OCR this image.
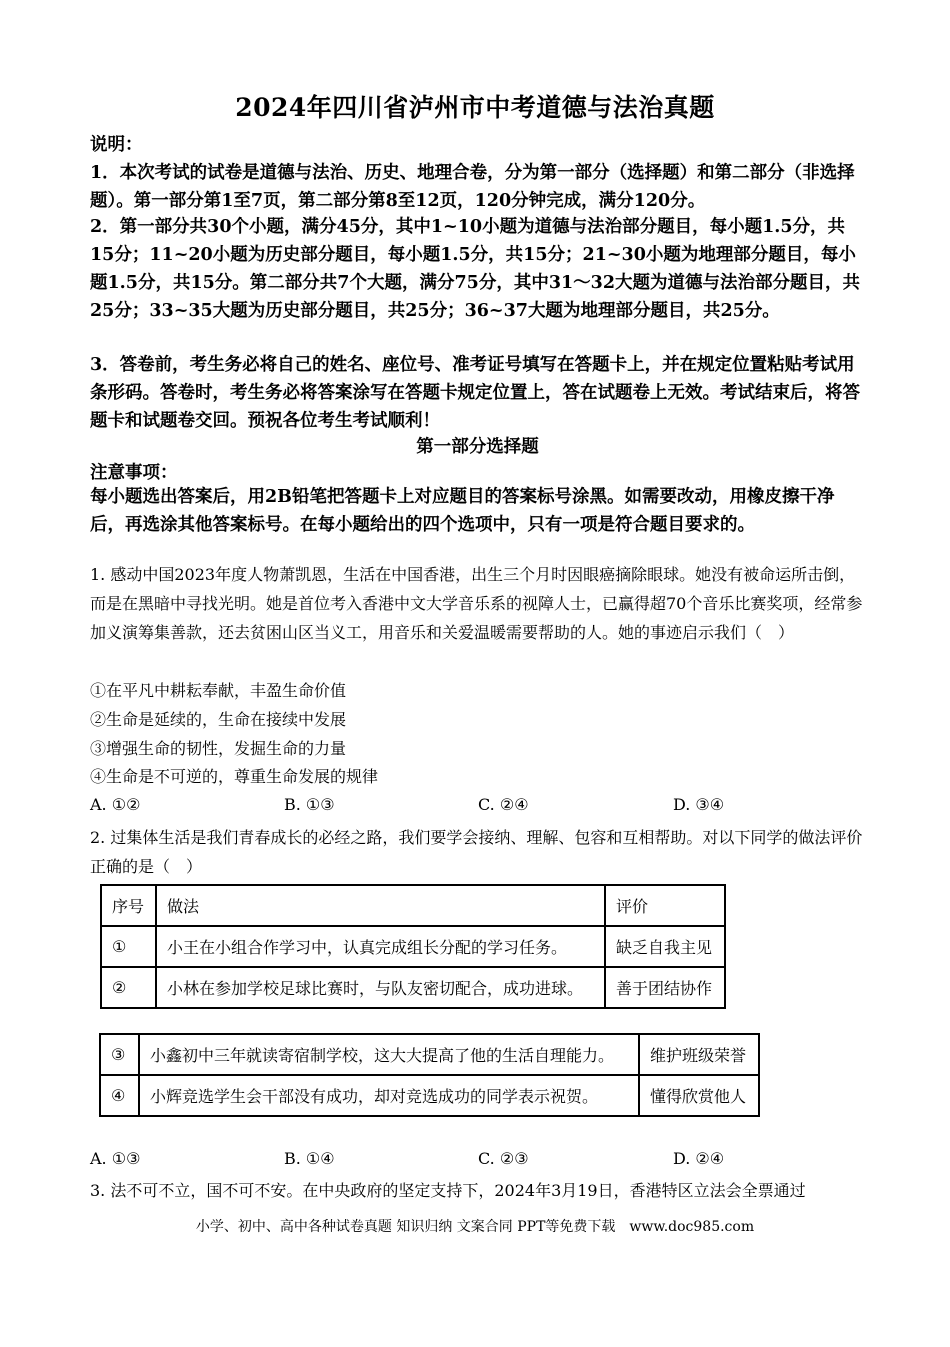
2024年四川省泸州市中考道德与法治真题
说明：
1．本次考试的试卷是道德与法治、历史、地理合卷，分为第一部分（选择题）和第二部分（非选择题）。第一部分第1至7页，第二部分第8至12页，120分钟完成，满分120分。
2．第一部分共30个小题，满分45分，其中1~10小题为道德与法治部分题目，每小题1.5分，共15分；11~20小题为历史部分题目，每小题1.5分，共15分；21~30小题为地理部分题目，每小题1.5分，共15分。第二部分共7个大题，满分75分，其中31～32大题为道德与法治部分题目，共25分；33~35大题为历史部分题目，共25分；36~37大题为地理部分题目，共25分。
3．答卷前，考生务必将自己的姓名、座位号、准考证号填写在答题卡上，并在规定位置粘贴考试用条形码。答卷时，考生务必将答案涂写在答题卡规定位置上，答在试题卷上无效。考试结束后，将答题卡和试题卷交回。预祝各位考生考试顺利！
第一部分选择题
注意事项：
每小题选出答案后，用2B铅笔把答题卡上对应题目的答案标号涂黑。如需要改动，用橡皮擦干净后，再选涂其他答案标号。在每小题给出的四个选项中，只有一项是符合题目要求的。
1. 感动中国2023年度人物萧凯恩，生活在中国香港，出生三个月时因眼癌摘除眼球。她没有被命运所击倒，而是在黑暗中寻找光明。她是首位考入香港中文大学音乐系的视障人士，已赢得超70个音乐比赛奖项，经常参加义演筹集善款，还去贫困山区当义工，用音乐和关爱温暖需要帮助的人。她的事迹启示我们（　）
①在平凡中耕耘奉献，丰盈生命价值
②生命是延续的，生命在接续中发展
③增强生命的韧性，发掘生命的力量
④生命是不可逆的，尊重生命发展的规律
A. ①②	B. ①③	C. ②④	D. ③④
2. 过集体生活是我们青春成长的必经之路，我们要学会接纳、理解、包容和互相帮助。对以下同学的做法评价正确的是（　）
序号	做法	评价
①	小王在小组合作学习中，认真完成组长分配的学习任务。	缺乏自我主见
②	小林在参加学校足球比赛时，与队友密切配合，成功进球。	善于团结协作
③	小鑫初中三年就读寄宿制学校，这大大提高了他的生活自理能力。	维护班级荣誉
④	小辉竞选学生会干部没有成功，却对竞选成功的同学表示祝贺。	懂得欣赏他人
A. ①③	B. ①④	C. ②③	D. ②④
3. 法不可不立，国不可不安。在中央政府的坚定支持下，2024年3月19日，香港特区立法会全票通过
小学、初中、高中各种试卷真题 知识归纳 文案合同 PPT等免费下载　www.doc985.com
